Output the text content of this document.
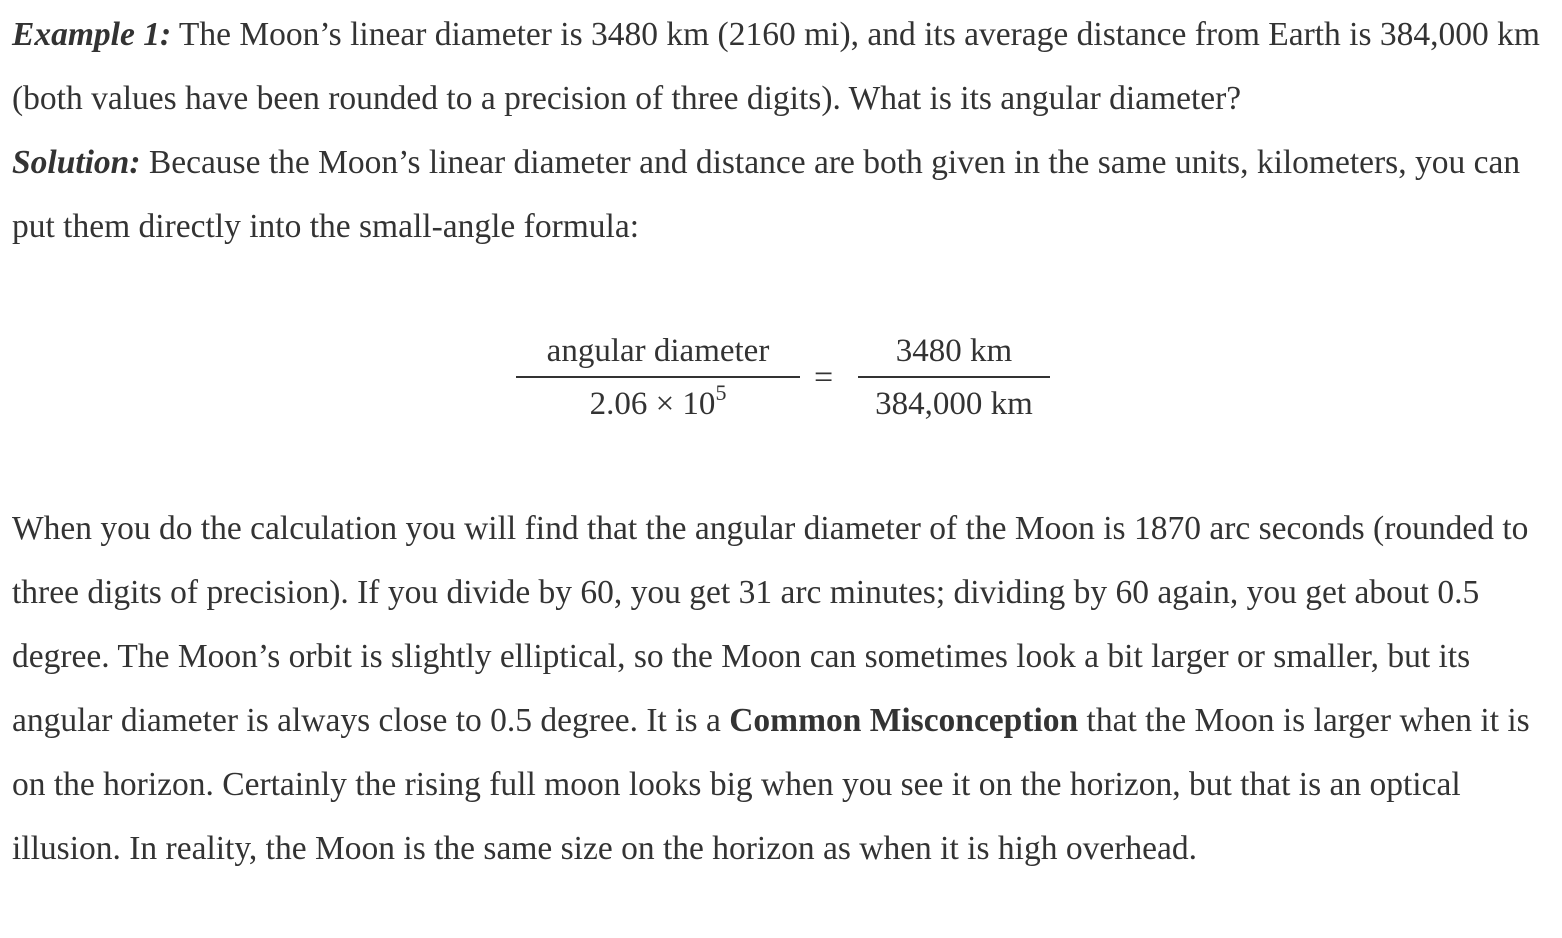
Example 1: The Moon’s linear diameter is 3480 km (2160 mi), and its average distance from Earth is 384,000 km (both values have been rounded to a precision of three digits). What is its angular diameter?

Solution: Because the Moon’s linear diameter and distance are both given in the same units, kilometers, you can put them directly into the small-angle formula:

angular diameter
$2.06 \times 10^5$	=
3480 km
384,000 km

When you do the calculation you will find that the angular diameter of the Moon is 1870 arc seconds (rounded to three digits of precision). If you divide by 60, you get 31 arc minutes; dividing by 60 again, you get about 0.5 degree. The Moon’s orbit is slightly elliptical, so the Moon can sometimes look a bit larger or smaller, but its angular diameter is always close to 0.5 degree. It is a Common Misconception that the Moon is larger when it is on the horizon. Certainly the rising full moon looks big when you see it on the horizon, but that is an optical illusion. In reality, the Moon is the same size on the horizon as when it is high overhead.
